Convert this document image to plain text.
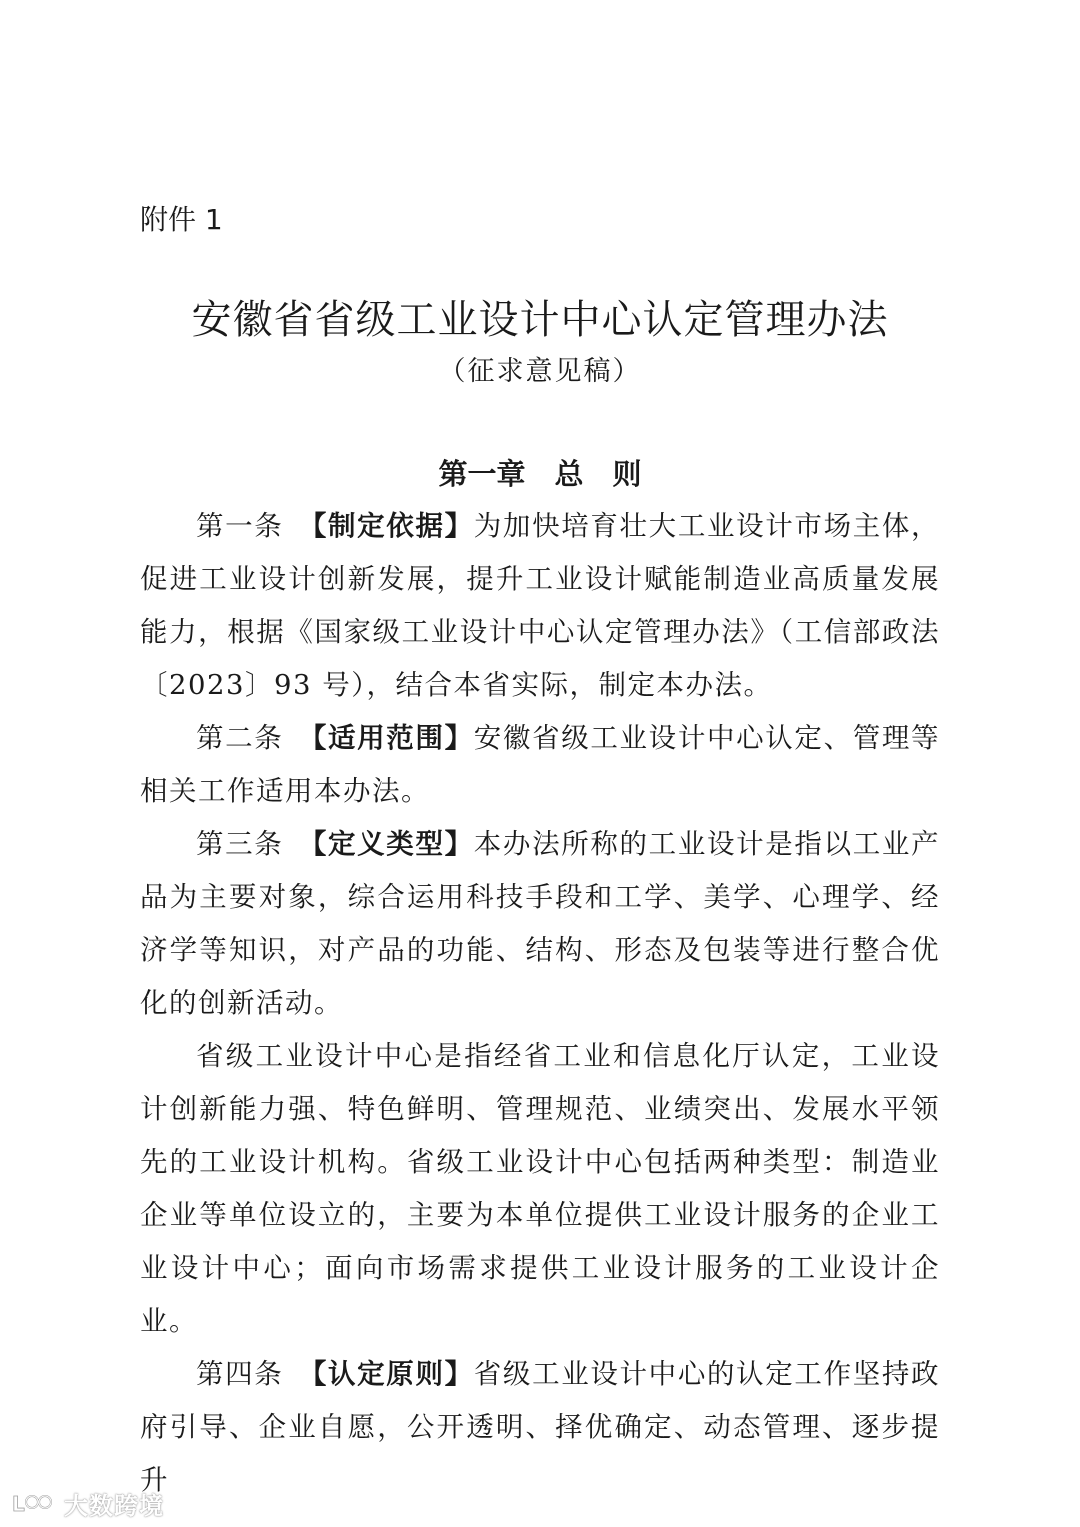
附件 1
安徽省省级工业设计中心认定管理办法
（征求意见稿）
第一章　总　则

第一条　 【制定依据】为加快培育壮大工业设计市场主体，促进工业设计创新发展，提升工业设计赋能制造业高质量发展能力，根据《国家级工业设计中心认定管理办法》（工信部政法〔2023〕93 号），结合本省实际，制定本办法。

第二条　 【适用范围】安徽省级工业设计中心认定、管理等相关工作适用本办法。

第三条　 【定义类型】本办法所称的工业设计是指以工业产品为主要对象，综合运用科技手段和工学、美学、心理学、经济学等知识，对产品的功能、结构、形态及包装等进行整合优化的创新活动。

省级工业设计中心是指经省工业和信息化厅认定，工业设计创新能力强、特色鲜明、管理规范、业绩突出、发展水平领先的工业设计机构。省级工业设计中心包括两种类型：制造业企业等单位设立的，主要为本单位提供工业设计服务的企业工业设计中心；面向市场需求提供工业设计服务的工业设计企业。

第四条　 【认定原则】省级工业设计中心的认定工作坚持政府引导、企业自愿，公开透明、择优确定、动态管理、逐步提升

L 大数跨境
